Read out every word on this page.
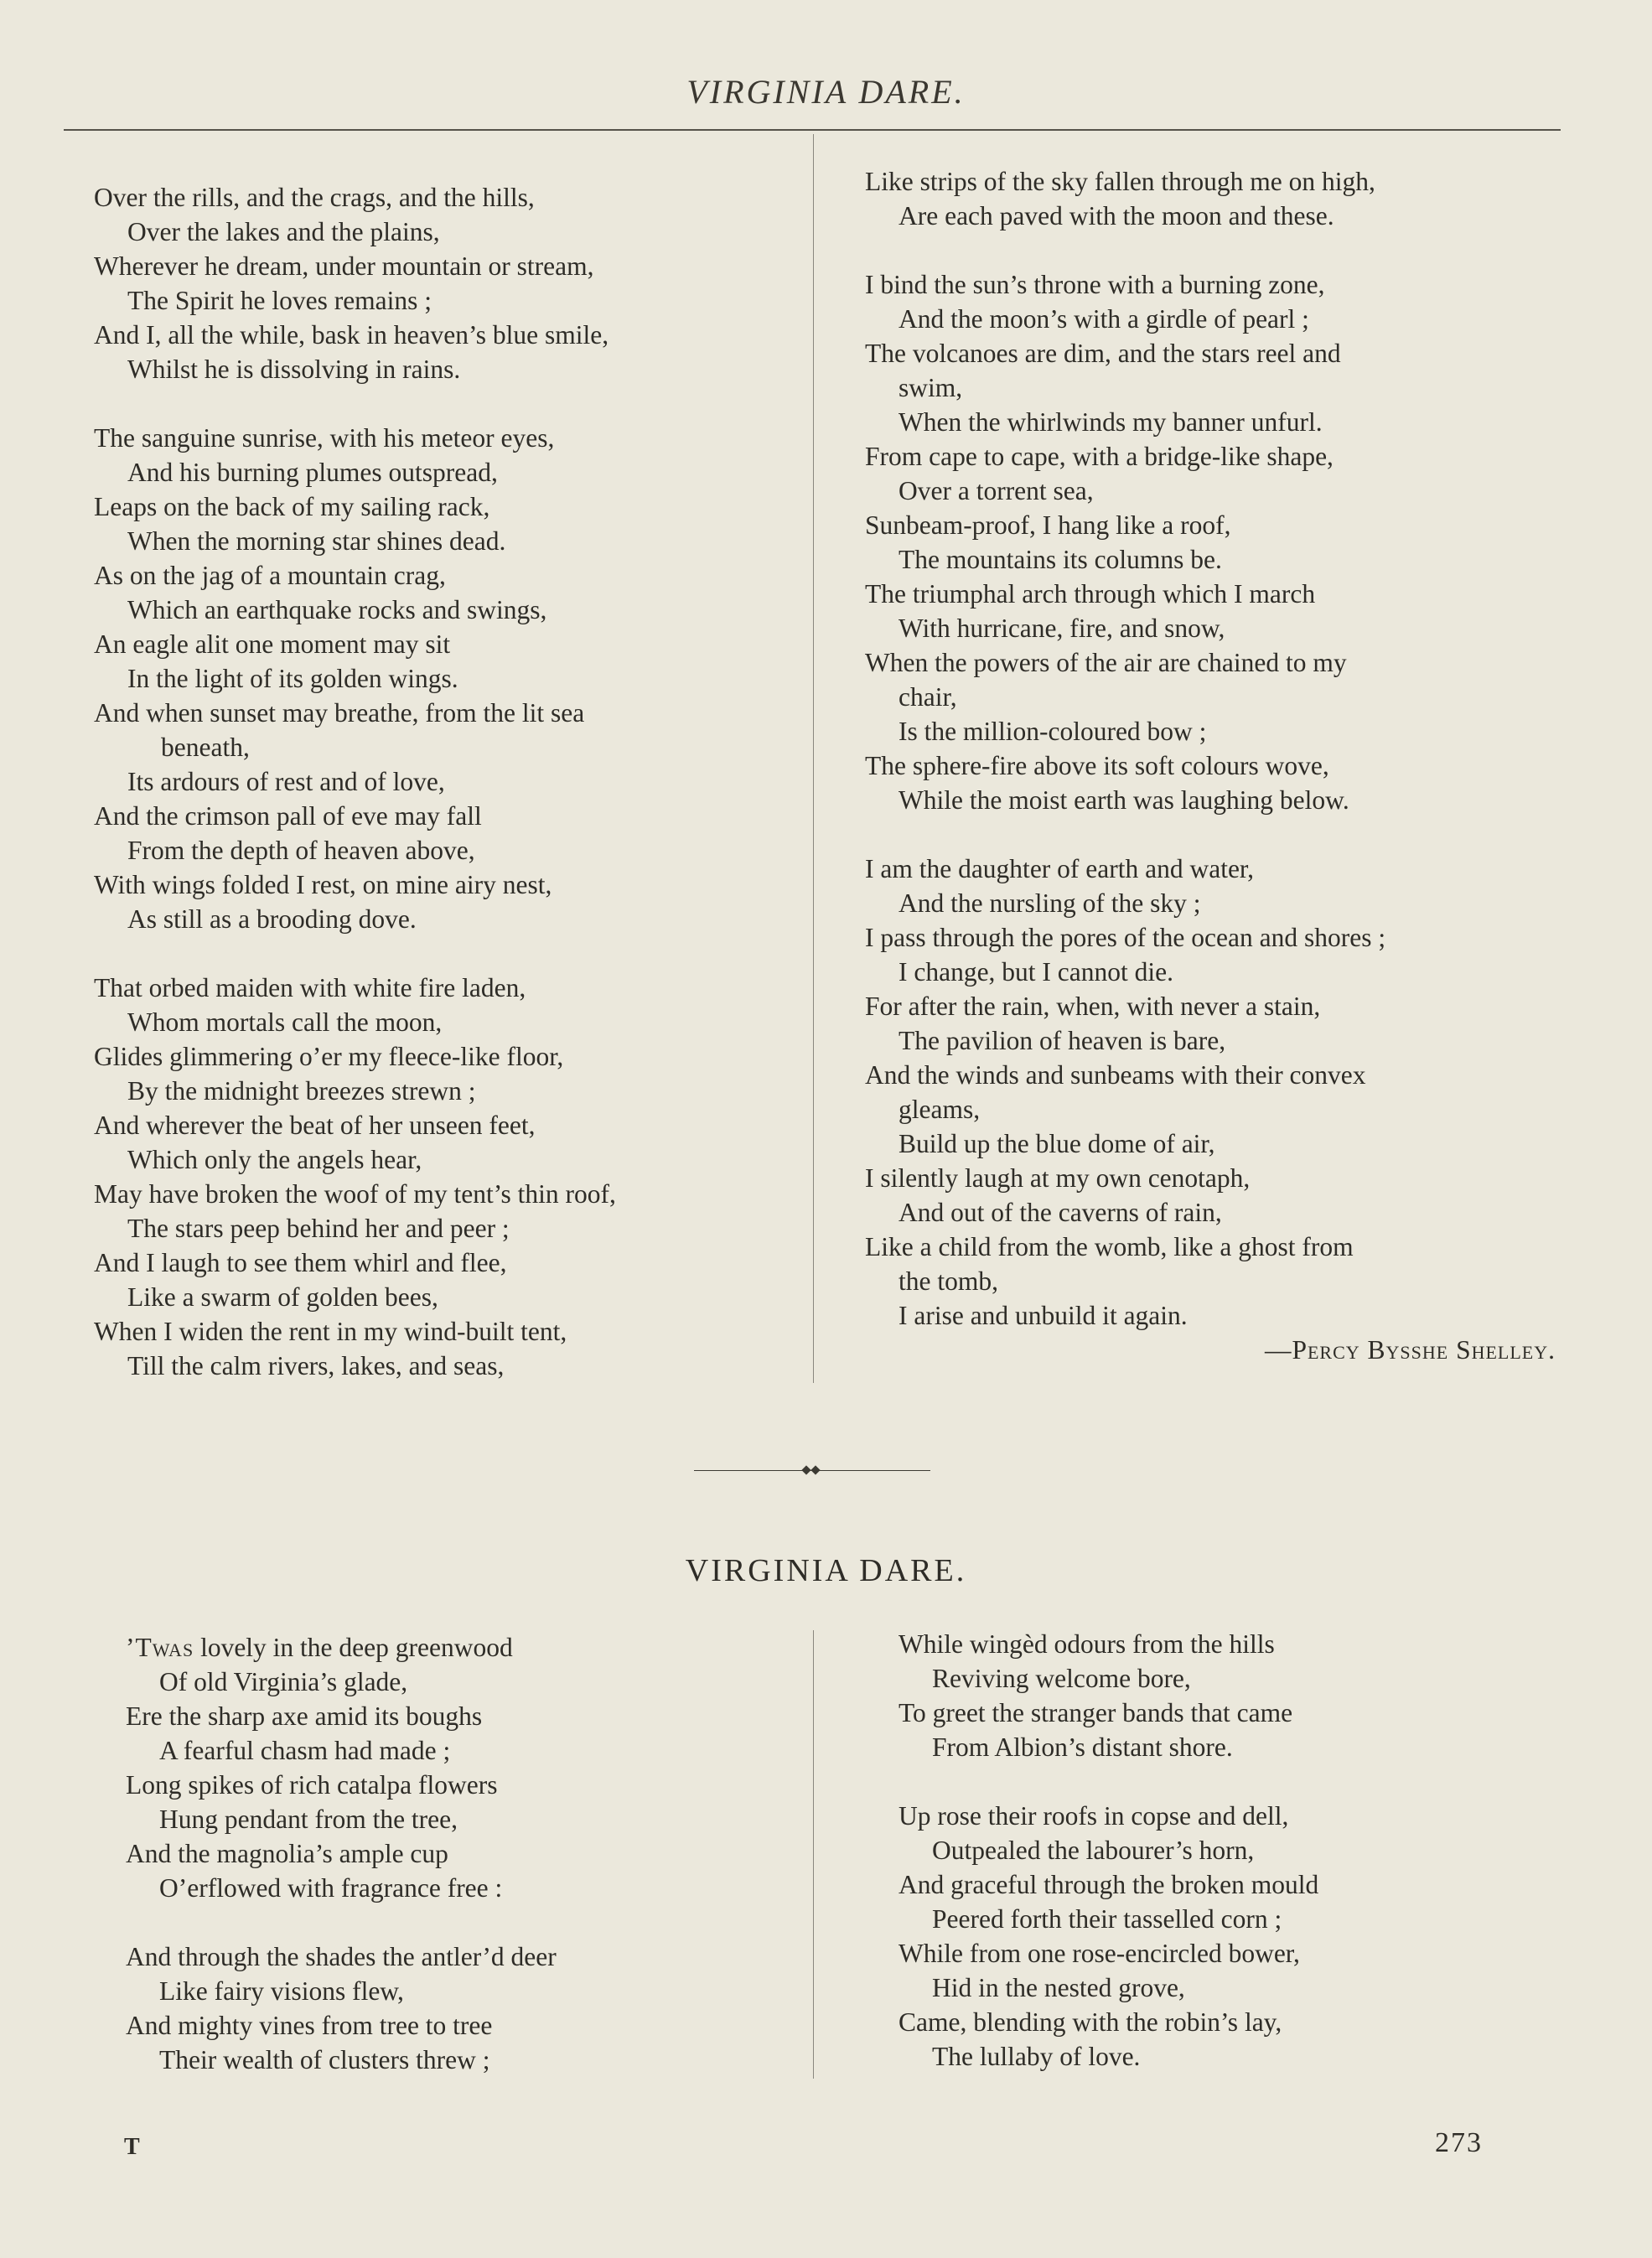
VIRGINIA DARE.
Over the rills, and the crags, and the hills,
Over the lakes and the plains,
Wherever he dream, under mountain or stream,
The Spirit he loves remains ;
And I, all the while, bask in heaven’s blue smile,
Whilst he is dissolving in rains.
The sanguine sunrise, with his meteor eyes,
And his burning plumes outspread,
Leaps on the back of my sailing rack,
When the morning star shines dead.
As on the jag of a mountain crag,
Which an earthquake rocks and swings,
An eagle alit one moment may sit
In the light of its golden wings.
And when sunset may breathe, from the lit sea
beneath,
Its ardours of rest and of love,
And the crimson pall of eve may fall
From the depth of heaven above,
With wings folded I rest, on mine airy nest,
As still as a brooding dove.
That orbed maiden with white fire laden,
Whom mortals call the moon,
Glides glimmering o’er my fleece-like floor,
By the midnight breezes strewn ;
And wherever the beat of her unseen feet,
Which only the angels hear,
May have broken the woof of my tent’s thin roof,
The stars peep behind her and peer ;
And I laugh to see them whirl and flee,
Like a swarm of golden bees,
When I widen the rent in my wind-built tent,
Till the calm rivers, lakes, and seas,
Like strips of the sky fallen through me on high,
Are each paved with the moon and these.
I bind the sun’s throne with a burning zone,
And the moon’s with a girdle of pearl ;
The volcanoes are dim, and the stars reel and
swim,
When the whirlwinds my banner unfurl.
From cape to cape, with a bridge-like shape,
Over a torrent sea,
Sunbeam-proof, I hang like a roof,
The mountains its columns be.
The triumphal arch through which I march
With hurricane, fire, and snow,
When the powers of the air are chained to my
chair,
Is the million-coloured bow ;
The sphere-fire above its soft colours wove,
While the moist earth was laughing below.
I am the daughter of earth and water,
And the nursling of the sky ;
I pass through the pores of the ocean and shores ;
I change, but I cannot die.
For after the rain, when, with never a stain,
The pavilion of heaven is bare,
And the winds and sunbeams with their convex
gleams,
Build up the blue dome of air,
I silently laugh at my own cenotaph,
And out of the caverns of rain,
Like a child from the womb, like a ghost from
the tomb,
I arise and unbuild it again.
—Percy Bysshe Shelley.
VIRGINIA DARE.
’Twas lovely in the deep greenwood
Of old Virginia’s glade,
Ere the sharp axe amid its boughs
A fearful chasm had made ;
Long spikes of rich catalpa flowers
Hung pendant from the tree,
And the magnolia’s ample cup
O’erflowed with fragrance free :
And through the shades the antler’d deer
Like fairy visions flew,
And mighty vines from tree to tree
Their wealth of clusters threw ;
While wingèd odours from the hills
Reviving welcome bore,
To greet the stranger bands that came
From Albion’s distant shore.
Up rose their roofs in copse and dell,
Outpealed the labourer’s horn,
And graceful through the broken mould
Peered forth their tasselled corn ;
While from one rose-encircled bower,
Hid in the nested grove,
Came, blending with the robin’s lay,
The lullaby of love.
T	273
